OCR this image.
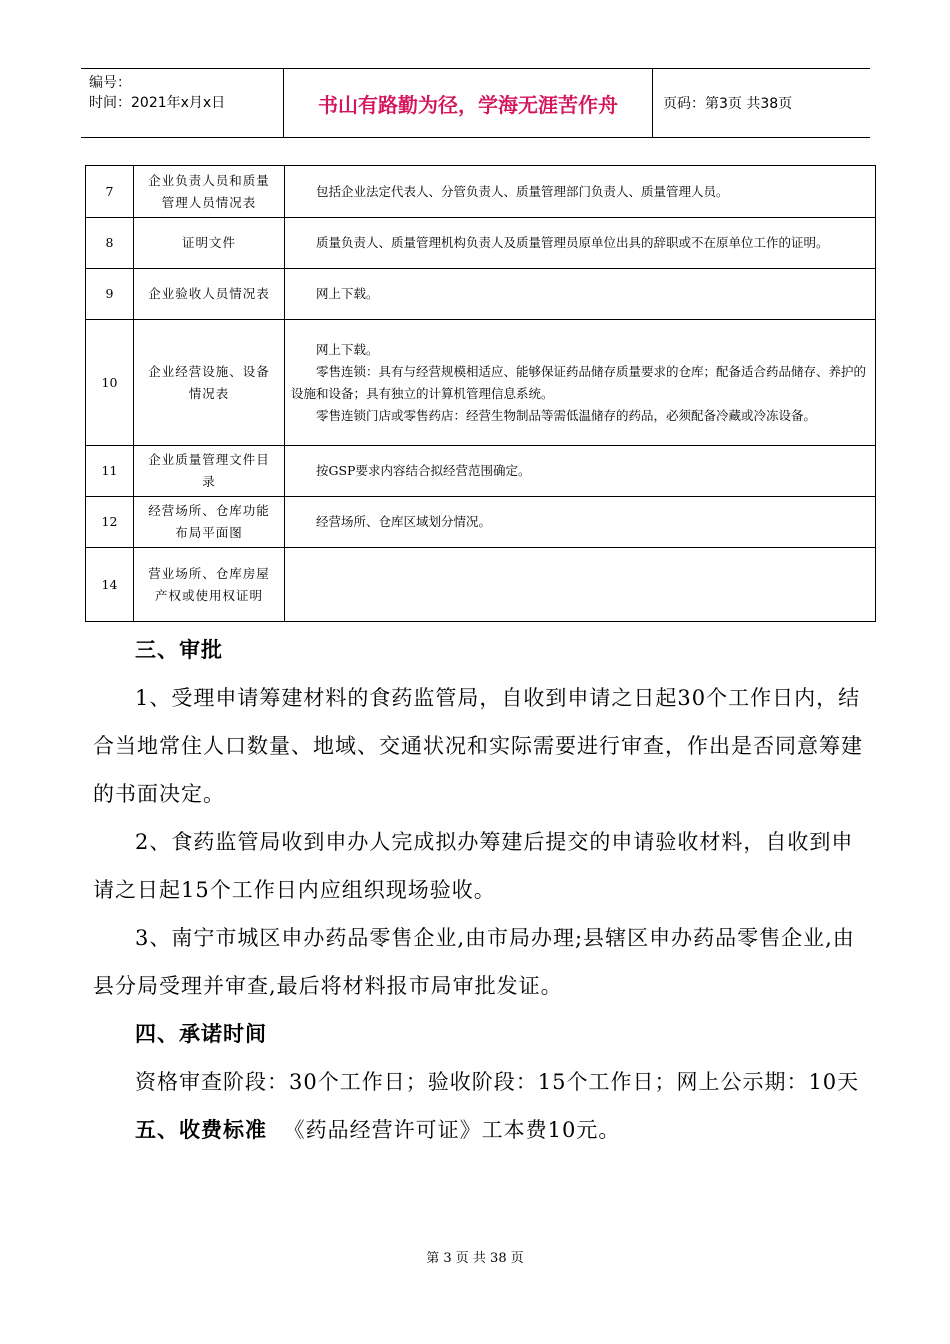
编号：
时间：2021年x月x日	书山有路勤为径，学海无涯苦作舟	页码：第3页 共38页
7	企业负责人员和质量管理人员情况表	包括企业法定代表人、分管负责人、质量管理部门负责人、质量管理人员。

8	证明文件	质量负责人、质量管理机构负责人及质量管理员原单位出具的辞职或不在原单位工作的证明。

9	企业验收人员情况表	网上下载。

10	企业经营设施、设备情况表	网上下载。

零售连锁：具有与经营规模相适应、能够保证药品储存质量要求的仓库；配备适合药品储存、养护的设施和设备；具有独立的计算机管理信息系统。

零售连锁门店或零售药店：经营生物制品等需低温储存的药品，必须配备冷藏或冷冻设备。

11	企业质量管理文件目录	按GSP要求内容结合拟经营范围确定。

12	经营场所、仓库功能布局平面图	经营场所、仓库区域划分情况。

14	营业场所、仓库房屋产权或使用权证明	

三、审批

1、受理申请筹建材料的食药监管局，自收到申请之日起30个工作日内，结合当地常住人口数量、地域、交通状况和实际需要进行审查，作出是否同意筹建的书面决定。

2、食药监管局收到申办人完成拟办筹建后提交的申请验收材料，自收到申请之日起15个工作日内应组织现场验收。

3、南宁市城区申办药品零售企业,由市局办理;县辖区申办药品零售企业,由县分局受理并审查,最后将材料报市局审批发证。

四、承诺时间

资格审查阶段：30个工作日；验收阶段：15个工作日；网上公示期：10天

五、收费标准 《药品经营许可证》工本费10元。

第 3 页 共 38 页
